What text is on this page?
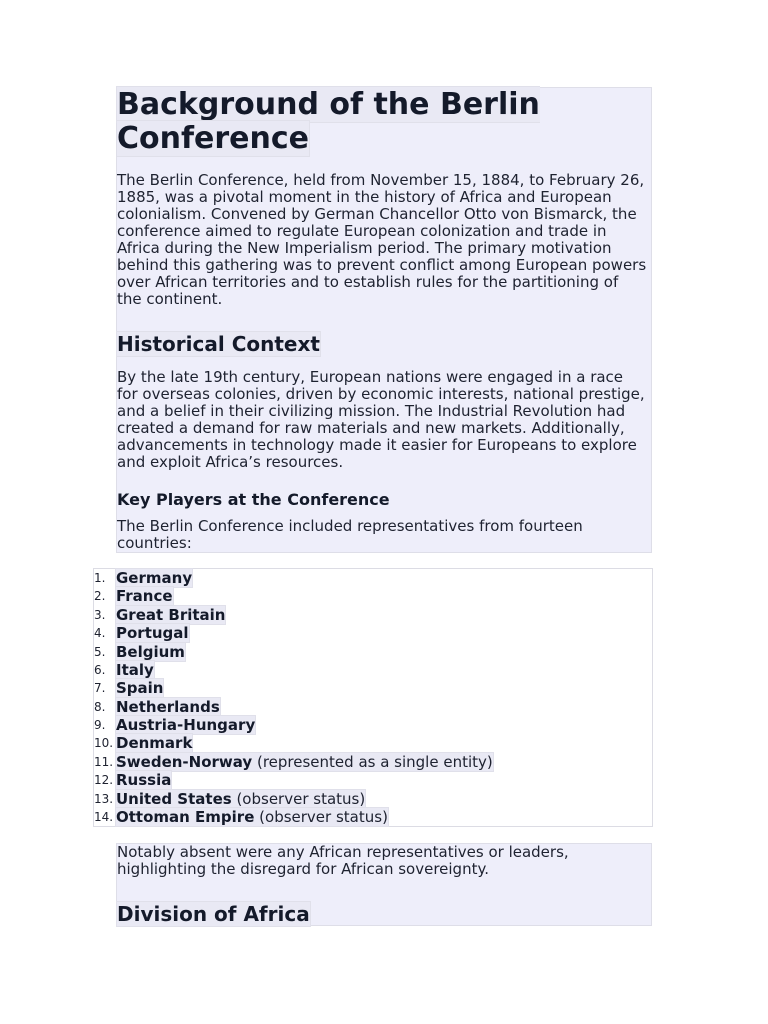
Background of the Berlin Conference

The Berlin Conference, held from November 15, 1884, to February 26, 1885, was a pivotal moment in the history of Africa and European colonialism. Convened by German Chancellor Otto von Bismarck, the conference aimed to regulate European colonization and trade in Africa during the New Imperialism period. The primary motivation behind this gathering was to prevent conflict among European powers over African territories and to establish rules for the partitioning of the continent.

Historical Context

By the late 19th century, European nations were engaged in a race for overseas colonies, driven by economic interests, national prestige, and a belief in their civilizing mission. The Industrial Revolution had created a demand for raw materials and new markets. Additionally, advancements in technology made it easier for Europeans to explore and exploit Africa’s resources.

Key Players at the Conference

The Berlin Conference included representatives from fourteen countries:

1. Germany
2. France
3. Great Britain
4. Portugal
5. Belgium
6. Italy
7. Spain
8. Netherlands
9. Austria-Hungary
10. Denmark
11. Sweden-Norway (represented as a single entity)
12. Russia
13. United States (observer status)
14. Ottoman Empire (observer status)

Notably absent were any African representatives or leaders, highlighting the disregard for African sovereignty.

Division of Africa
